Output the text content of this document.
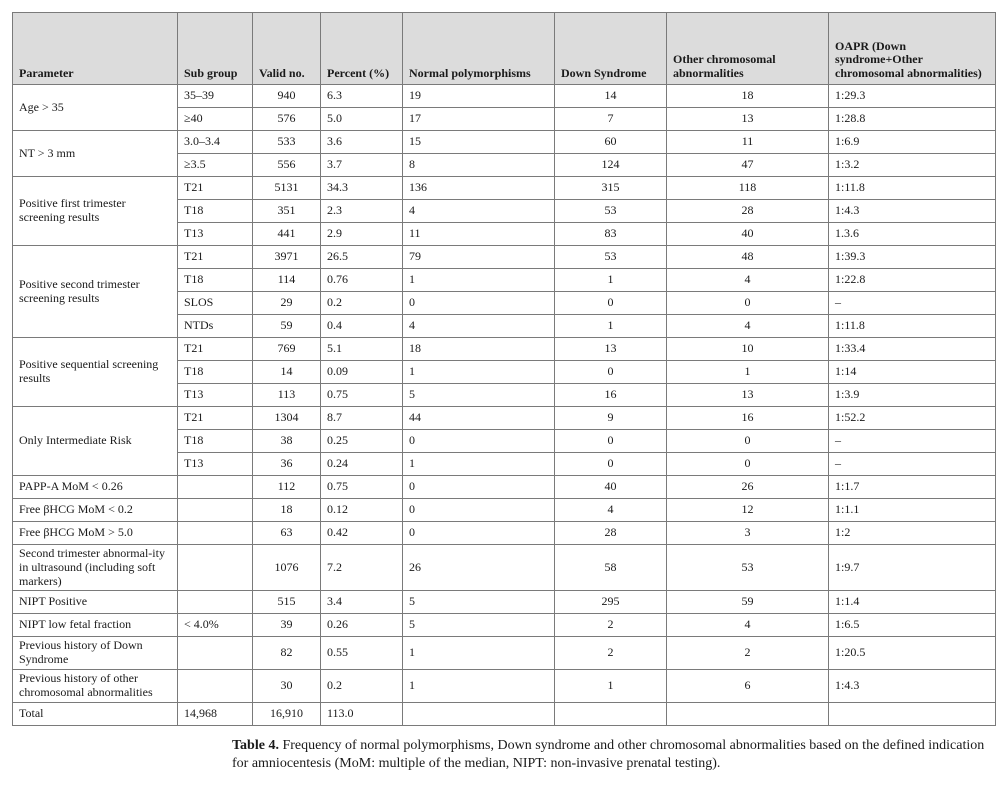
Parameter	Sub group	Valid no.	Percent (%)	Normal polymorphisms	Down Syndrome	Other chromosomal abnormalities	OAPR (Down syndrome+Other chromosomal abnormalities)
Age > 35	35–39	940	6.3	19	14	18	1:29.3
	≥40	576	5.0	17	7	13	1:28.8
NT > 3 mm	3.0–3.4	533	3.6	15	60	11	1:6.9
	≥3.5	556	3.7	8	124	47	1:3.2
Positive first trimester screening results	T21	5131	34.3	136	315	118	1:11.8
	T18	351	2.3	4	53	28	1:4.3
	T13	441	2.9	11	83	40	1.3.6
Positive second trimester screening results	T21	3971	26.5	79	53	48	1:39.3
	T18	114	0.76	1	1	4	1:22.8
	SLOS	29	0.2	0	0	0	–
	NTDs	59	0.4	4	1	4	1:11.8
Positive sequential screening results	T21	769	5.1	18	13	10	1:33.4
	T18	14	0.09	1	0	1	1:14
	T13	113	0.75	5	16	13	1:3.9
Only Intermediate Risk	T21	1304	8.7	44	9	16	1:52.2
	T18	38	0.25	0	0	0	–
	T13	36	0.24	1	0	0	–
PAPP-A MoM < 0.26		112	0.75	0	40	26	1:1.7
Free βHCG MoM < 0.2		18	0.12	0	4	12	1:1.1
Free βHCG MoM > 5.0		63	0.42	0	28	3	1:2
Second trimester abnormal-ity in ultrasound (including soft markers)		1076	7.2	26	58	53	1:9.7
NIPT Positive		515	3.4	5	295	59	1:1.4
NIPT low fetal fraction	< 4.0%	39	0.26	5	2	4	1:6.5
Previous history of Down Syndrome		82	0.55	1	2	2	1:20.5
Previous history of other chromosomal abnormalities		30	0.2	1	1	6	1:4.3
Total	14,968	16,910	113.0				
Table 4. Frequency of normal polymorphisms, Down syndrome and other chromosomal abnormalities based on the defined indication for amniocentesis (MoM: multiple of the median, NIPT: non-invasive prenatal testing).
